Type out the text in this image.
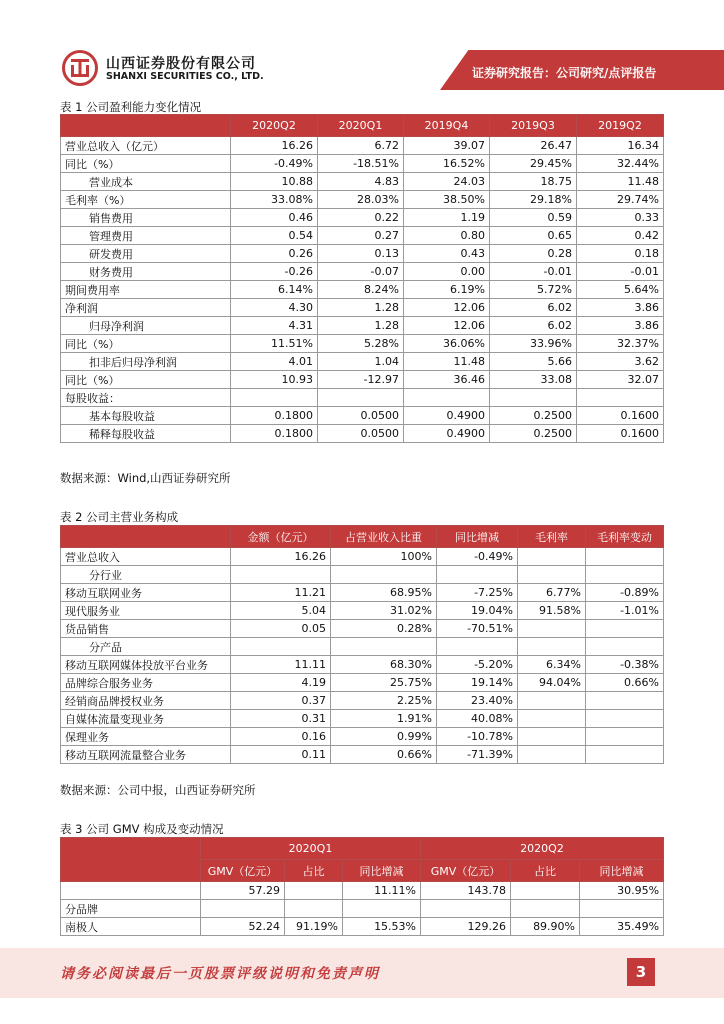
山西证券股份有限公司
SHANXI SECURITIES CO., LTD.	证券研究报告：公司研究/点评报告
表 1 公司盈利能力变化情况
	2020Q2	2020Q1	2019Q4	2019Q3	2019Q2
营业总收入（亿元）	16.26	6.72	39.07	26.47	16.34
同比（%）	-0.49%	-18.51%	16.52%	29.45%	32.44%
营业成本	10.88	4.83	24.03	18.75	11.48
毛利率（%）	33.08%	28.03%	38.50%	29.18%	29.74%
销售费用	0.46	0.22	1.19	0.59	0.33
管理费用	0.54	0.27	0.80	0.65	0.42
研发费用	0.26	0.13	0.43	0.28	0.18
财务费用	-0.26	-0.07	0.00	-0.01	-0.01
期间费用率	6.14%	8.24%	6.19%	5.72%	5.64%
净利润	4.30	1.28	12.06	6.02	3.86
归母净利润	4.31	1.28	12.06	6.02	3.86
同比（%）	11.51%	5.28%	36.06%	33.96%	32.37%
扣非后归母净利润	4.01	1.04	11.48	5.66	3.62
同比（%）	10.93	-12.97	36.46	33.08	32.07
每股收益：					
基本每股收益	0.1800	0.0500	0.4900	0.2500	0.1600
稀释每股收益	0.1800	0.0500	0.4900	0.2500	0.1600
数据来源：Wind,山西证券研究所
表 2 公司主营业务构成
	金额（亿元）	占营业收入比重	同比增减	毛利率	毛利率变动
营业总收入	16.26	100%	-0.49%		
分行业					
移动互联网业务	11.21	68.95%	-7.25%	6.77%	-0.89%
现代服务业	5.04	31.02%	19.04%	91.58%	-1.01%
货品销售	0.05	0.28%	-70.51%		
分产品					
移动互联网媒体投放平台业务	11.11	68.30%	-5.20%	6.34%	-0.38%
品牌综合服务业务	4.19	25.75%	19.14%	94.04%	0.66%
经销商品牌授权业务	0.37	2.25%	23.40%		
自媒体流量变现业务	0.31	1.91%	40.08%		
保理业务	0.16	0.99%	-10.78%		
移动互联网流量整合业务	0.11	0.66%	-71.39%		
数据来源：公司中报，山西证券研究所
表 3 公司 GMV 构成及变动情况
	2020Q1			2020Q2		
	GMV（亿元）	占比	同比增减	GMV（亿元）	占比	同比增减
	57.29		11.11%	143.78		30.95%
分品牌						
南极人	52.24	91.19%	15.53%	129.26	89.90%	35.49%
请务必阅读最后一页股票评级说明和免责声明	3
